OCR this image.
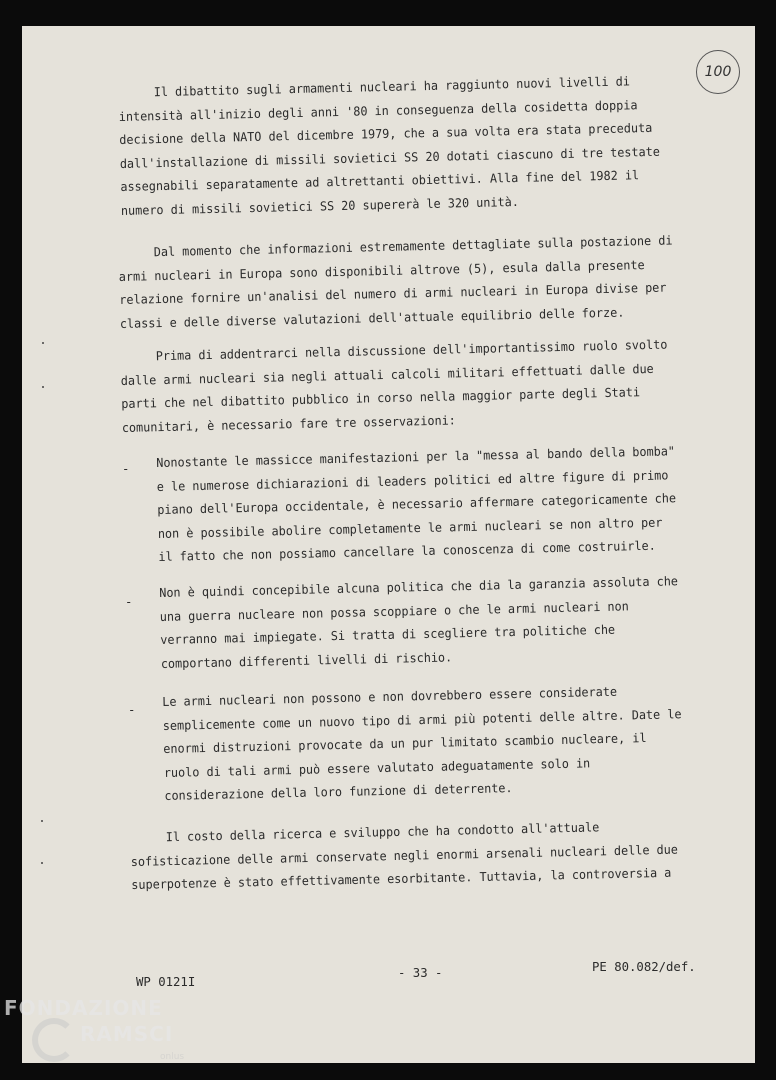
100
Il dibattito sugli armamenti nucleari ha raggiunto nuovi livelli di
intensità all'inizio degli anni '80 in conseguenza della cosidetta doppia
decisione della NATO del dicembre 1979, che a sua volta era stata preceduta
dall'installazione di missili sovietici SS 20 dotati ciascuno di tre testate
assegnabili separatamente ad altrettanti obiettivi. Alla fine del 1982 il
numero di missili sovietici SS 20 supererà le 320 unità.
Dal momento che informazioni estremamente dettagliate sulla postazione di
armi nucleari in Europa sono disponibili altrove (5), esula dalla presente
relazione fornire un'analisi del numero di armi nucleari in Europa divise per
classi e delle diverse valutazioni dell'attuale equilibrio delle forze.
Prima di addentrarci nella discussione dell'importantissimo ruolo svolto
dalle armi nucleari sia negli attuali calcoli militari effettuati dalle due
parti che nel dibattito pubblico in corso nella maggior parte degli Stati
comunitari, è necessario fare tre osservazioni:
- Nonostante le massicce manifestazioni per la "messa al bando della bomba"
e le numerose dichiarazioni di leaders politici ed altre figure di primo
piano dell'Europa occidentale, è necessario affermare categoricamente che
non è possibile abolire completamente le armi nucleari se non altro per
il fatto che non possiamo cancellare la conoscenza di come costruirle.
-
Non è quindi concepibile alcuna politica che dia la garanzia assoluta che
una guerra nucleare non possa scoppiare o che le armi nucleari non
verranno mai impiegate. Si tratta di scegliere tra politiche che
comportano differenti livelli di rischio.
-
Le armi nucleari non possono e non dovrebbero essere considerate
semplicemente come un nuovo tipo di armi più potenti delle altre. Date le
enormi distruzioni provocate da un pur limitato scambio nucleare, il
ruolo di tali armi può essere valutato adeguatamente solo in
considerazione della loro funzione di deterrente.
Il costo della ricerca e sviluppo che ha condotto all'attuale
sofisticazione delle armi conservate negli enormi arsenali nucleari delle due
superpotenze è stato effettivamente esorbitante. Tuttavia, la controversia a
WP 0121I
- 33 -	PE 80.082/def.
FONDAZIONE
RAMSCI
onlus
